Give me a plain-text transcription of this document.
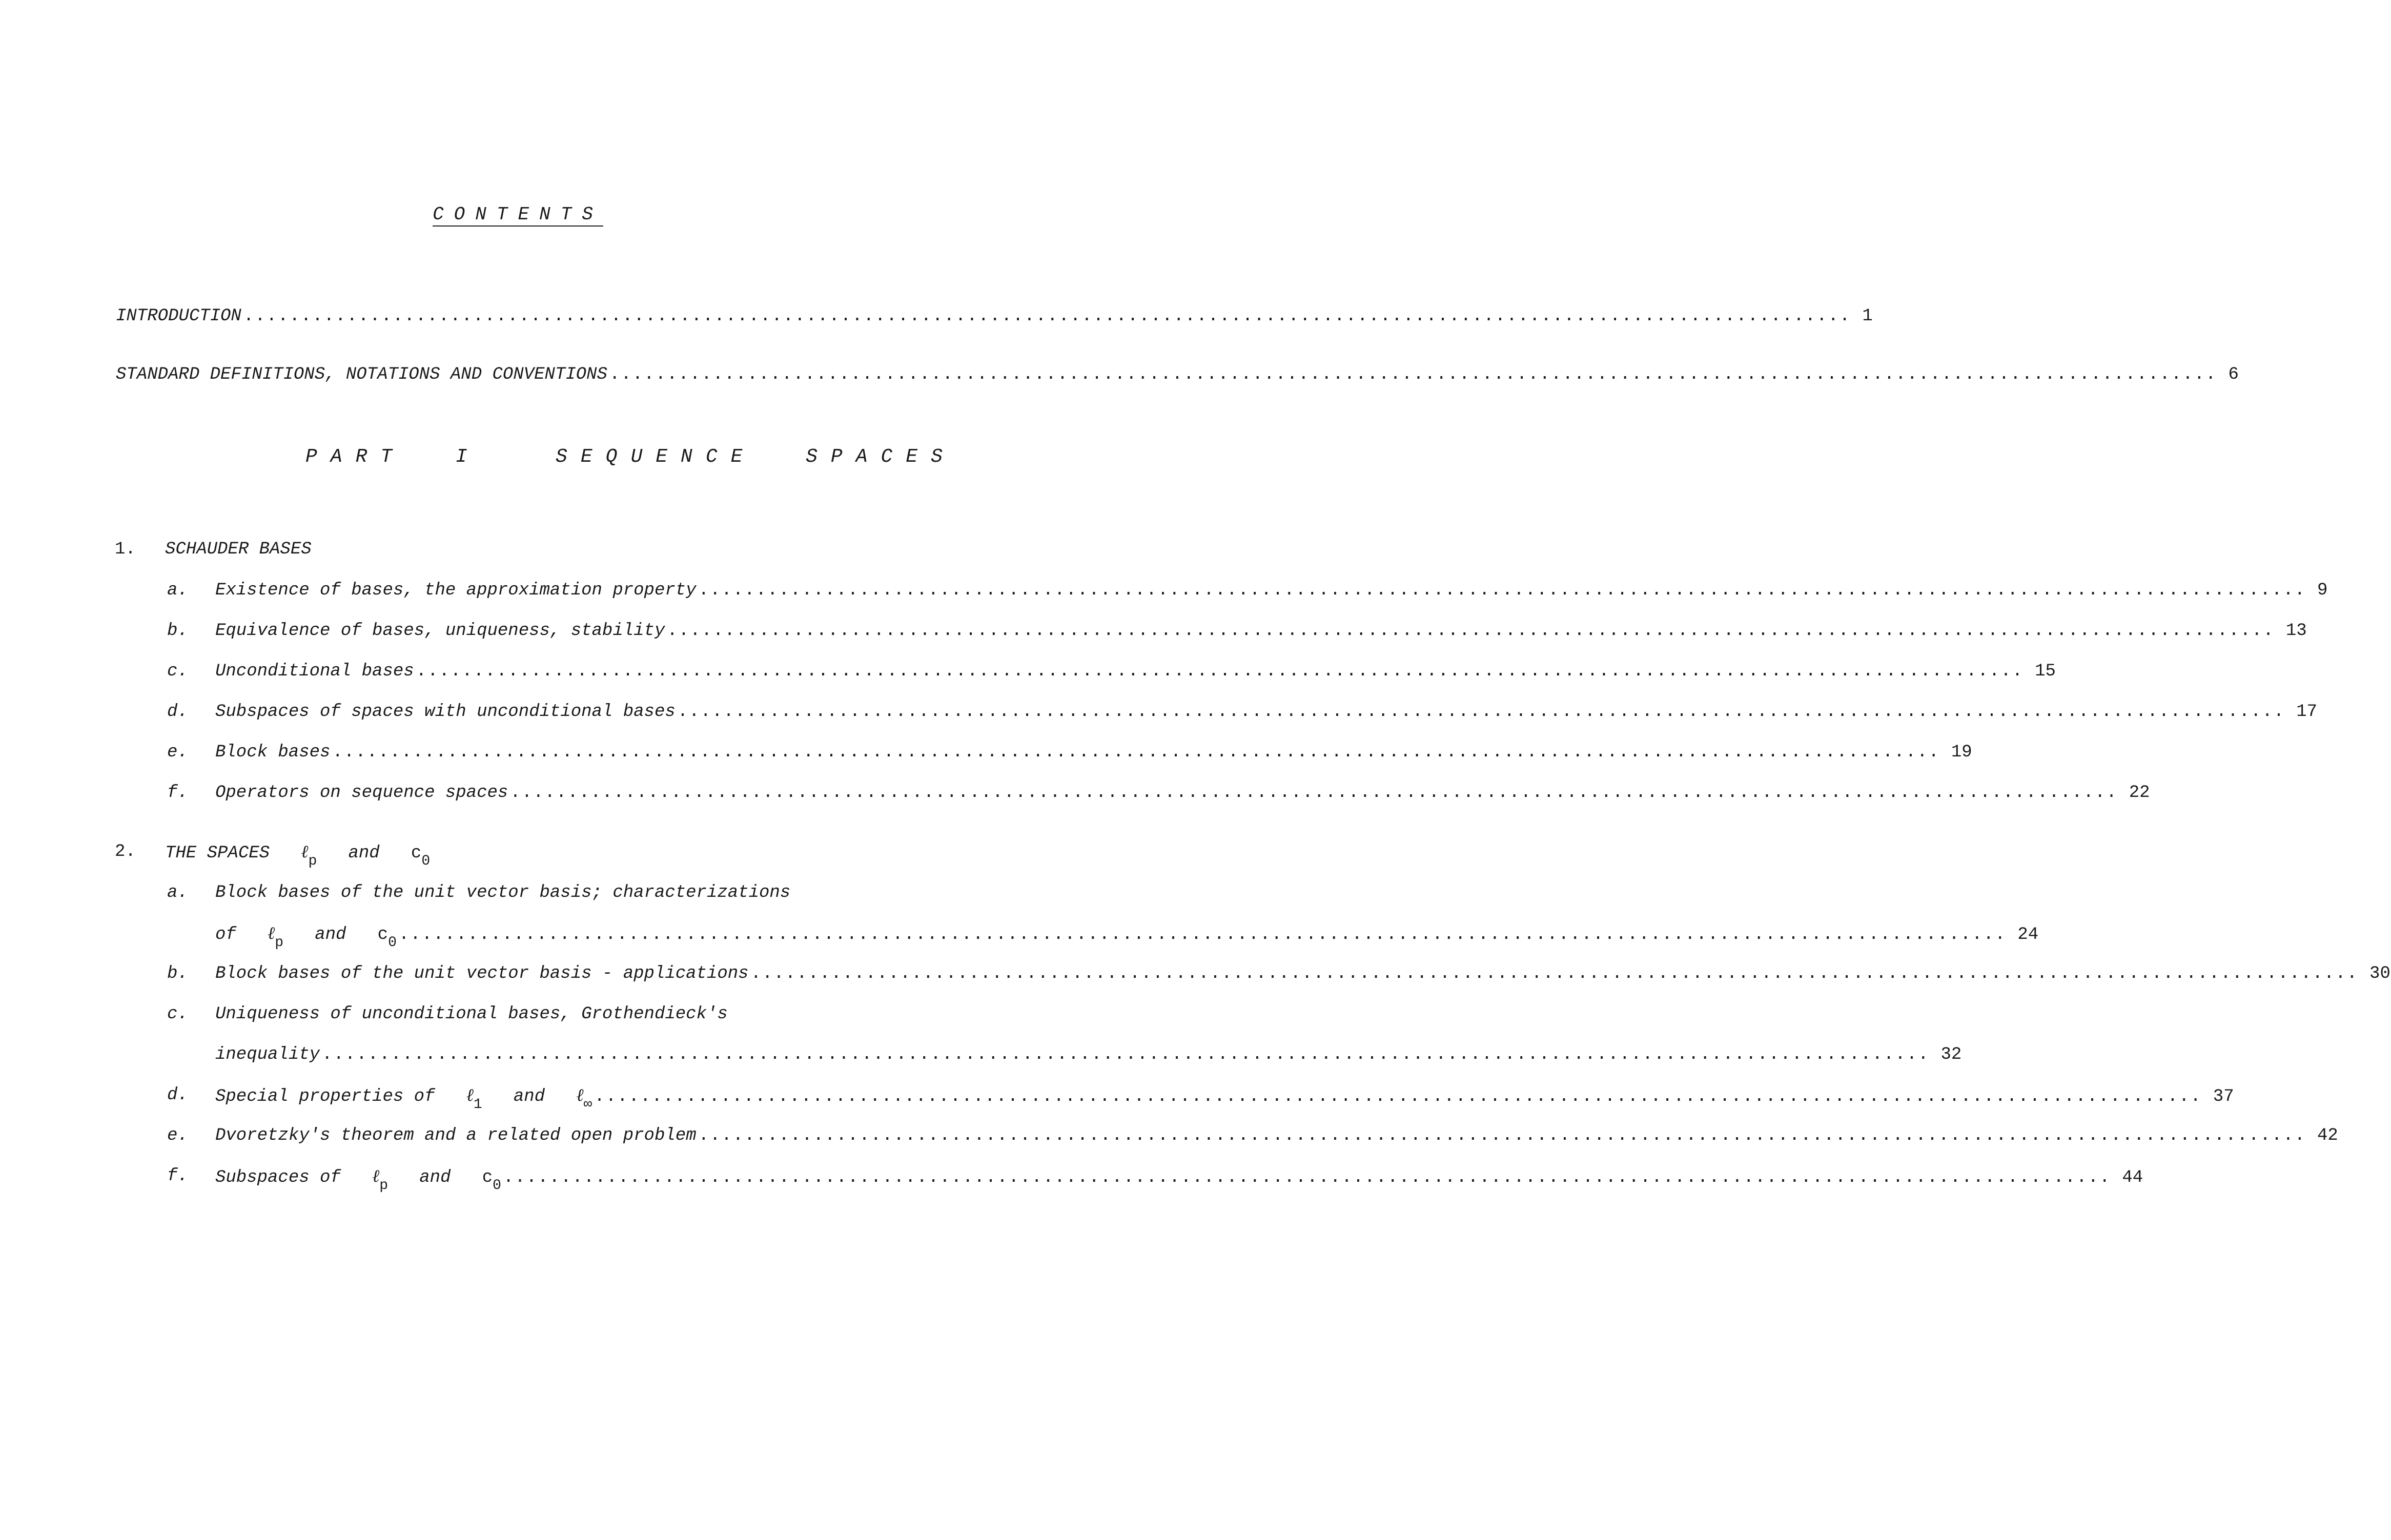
CONTENTS
INTRODUCTION ............................................................................................................................................ 1
STANDARD DEFINITIONS, NOTATIONS AND CONVENTIONS ............................................................................................................................................ 6
PART  I   SEQUENCE  SPACES
1. SCHAUDER BASES
a. Existence of bases, the approximation property ............................................................................................................................................ 9
b. Equivalence of bases, uniqueness, stability ............................................................................................................................................ 13
c. Unconditional bases ............................................................................................................................................ 15
d. Subspaces of spaces with unconditional bases ............................................................................................................................................ 17
e. Block bases ............................................................................................................................................ 19
f. Operators on sequence spaces ............................................................................................................................................ 22
2. THE SPACES ℓ$_p$ and $c_0$
a. Block bases of the unit vector basis; characterizations
of ℓ$_p$ and $c_0$ ............................................................................................................................................ 24
b. Block bases of the unit vector basis - applications ............................................................................................................................................ 30
c. Uniqueness of unconditional bases, Grothendieck's
inequality ............................................................................................................................................ 32
d. Special properties of ℓ$_1$ and ℓ$_\infty$ ............................................................................................................................................ 37
e. Dvoretzky's theorem and a related open problem ............................................................................................................................................ 42
f. Subspaces of ℓ$_p$ and $c_0$ ............................................................................................................................................ 44
